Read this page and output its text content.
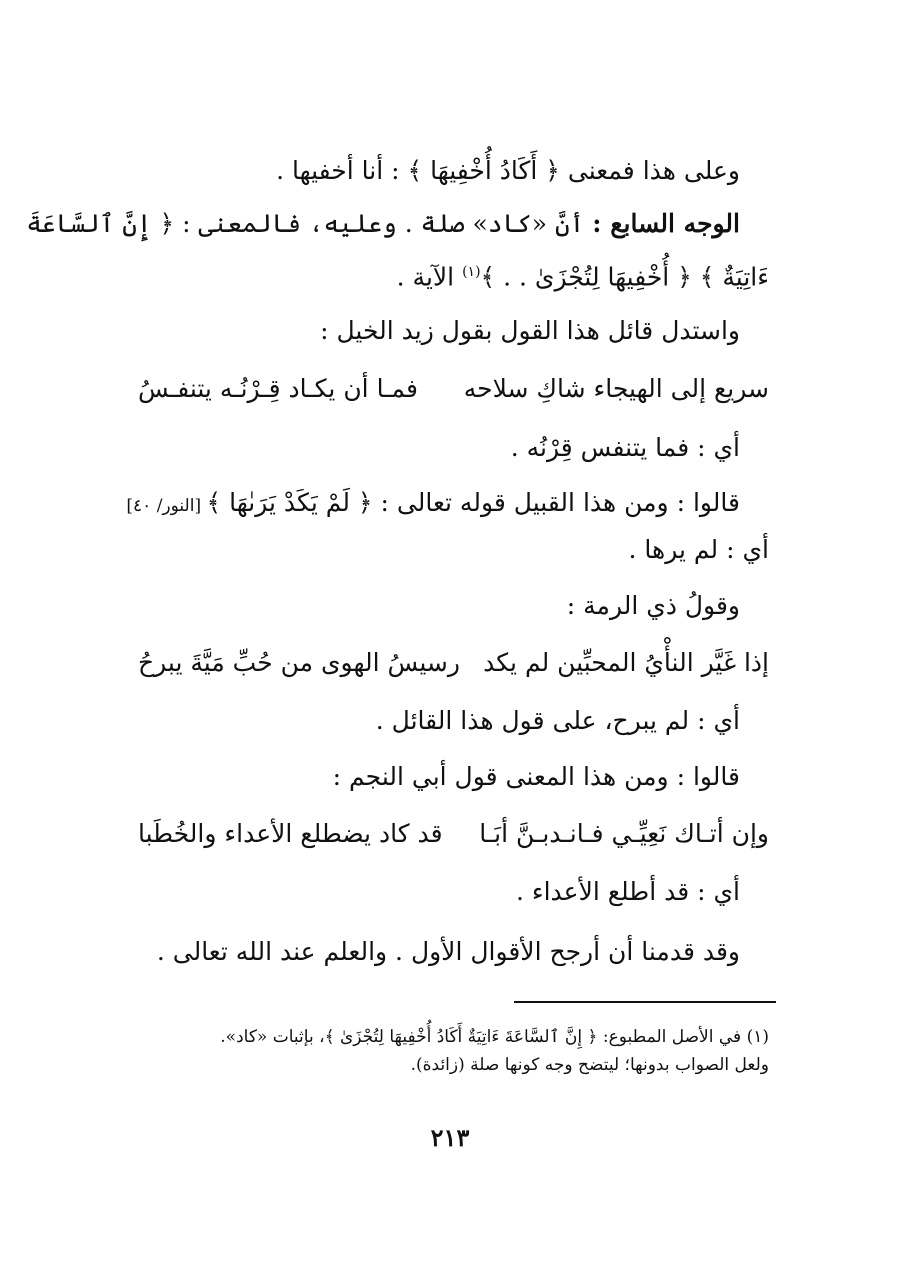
وعلى هذا فمعنى ﴿ أَكَادُ أُخْفِيهَا ﴾ : أنا أخفيها .
الوجه السابع : أنَّ «كاد» صلة . وعليه، فالمعنى : ﴿ إِنَّ ٱلسَّاعَةَ
ءَاتِيَةٌ ﴾ ﴿ أُخْفِيهَا لِتُجْزَىٰ . . ﴾$^{(١)}$ الآية .
واستدل قائل هذا القول بقول زيد الخيل :
سريع إلى الهيجاء شاكِ سلاحه
فمـا أن يكـاد قِـرْنُـه يتنفـسُ
أي : فما يتنفس قِرْنُه .
قالوا : ومن هذا القبيل قوله تعالى : ﴿ لَمْ يَكَدْ يَرَىٰهَا ﴾ [النور/ ٤٠]
أي : لم يرها .
وقولُ ذي الرمة :
إذا غَيَّر النأْيُ المحبِّين لم يكد
رسيسُ الهوى من حُبِّ مَيَّةَ يبرحُ
أي : لم يبرح، على قول هذا القائل .
قالوا : ومن هذا المعنى قول أبي النجم :
وإن أتـاك نَعِيِّـي فـانـدبـنَّ أبَـا
قد كاد يضطلع الأعداء والخُطَبا
أي : قد أطلع الأعداء .
وقد قدمنا أن أرجح الأقوال الأول . والعلم عند الله تعالى .
(١) في الأصل المطبوع: ﴿ إِنَّ ٱلسَّاعَةَ ءَاتِيَةٌ أَكَادُ أُخْفِيهَا لِتُجْزَىٰ ﴾، بإثبات «كاد».
ولعل الصواب بدونها؛ ليتضح وجه كونها صلة (زائدة).
٢١٣
